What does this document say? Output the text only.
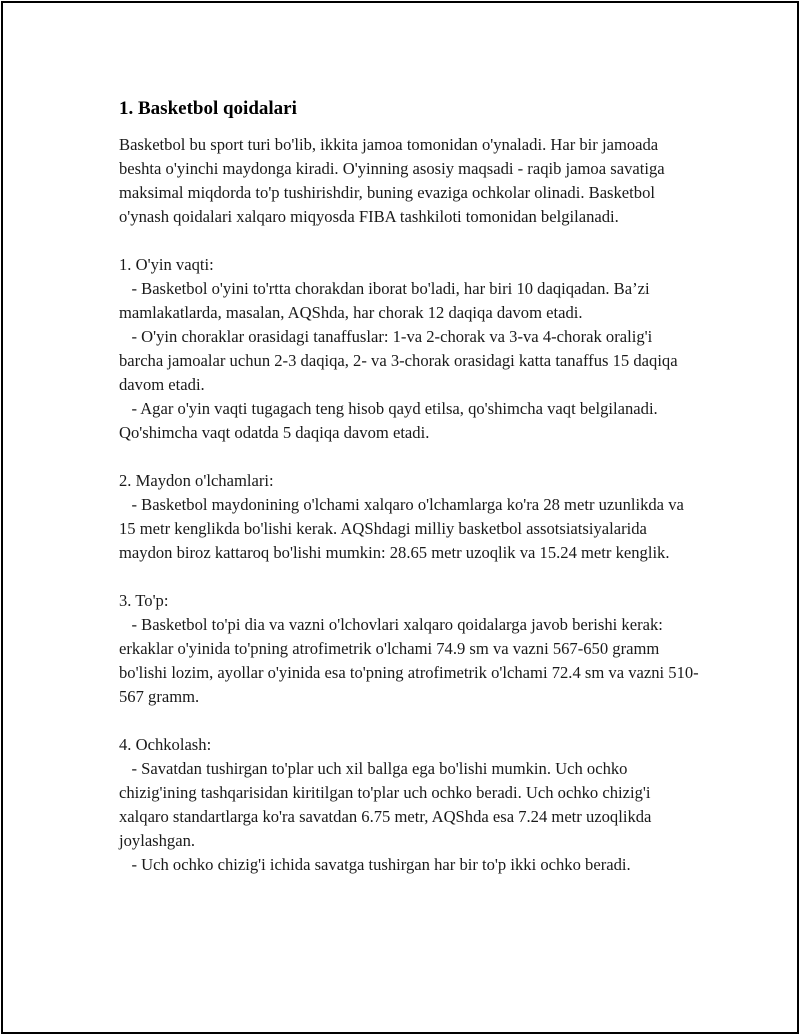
1. Basketbol qoidalari

Basketbol bu sport turi bo'lib, ikkita jamoa tomonidan o'ynaladi. Har bir jamoada beshta o'yinchi maydonga kiradi. O'yinning asosiy maqsadi - raqib jamoa savatiga maksimal miqdorda to'p tushirishdir, buning evaziga ochkolar olinadi. Basketbol o'ynash qoidalari xalqaro miqyosda FIBA tashkiloti tomonidan belgilanadi.

1. O'yin vaqti:

- Basketbol o'yini to'rtta chorakdan iborat bo'ladi, har biri 10 daqiqadan. Ba’zi mamlakatlarda, masalan, AQShda, har chorak 12 daqiqa davom etadi.

- O'yin choraklar orasidagi tanaffuslar: 1-va 2-chorak va 3-va 4-chorak oralig'i barcha jamoalar uchun 2-3 daqiqa, 2- va 3-chorak orasidagi katta tanaffus 15 daqiqa davom etadi.

- Agar o'yin vaqti tugagach teng hisob qayd etilsa, qo'shimcha vaqt belgilanadi. Qo'shimcha vaqt odatda 5 daqiqa davom etadi.

2. Maydon o'lchamlari:

- Basketbol maydonining o'lchami xalqaro o'lchamlarga ko'ra 28 metr uzunlikda va 15 metr kenglikda bo'lishi kerak. AQShdagi milliy basketbol assotsiatsiyalarida maydon biroz kattaroq bo'lishi mumkin: 28.65 metr uzoqlik va 15.24 metr kenglik.

3. To'p:

- Basketbol to'pi dia va vazni o'lchovlari xalqaro qoidalarga javob berishi kerak: erkaklar o'yinida to'pning atrofimetrik o'lchami 74.9 sm va vazni 567-650 gramm bo'lishi lozim, ayollar o'yinida esa to'pning atrofimetrik o'lchami 72.4 sm va vazni 510-567 gramm.

4. Ochkolash:

- Savatdan tushirgan to'plar uch xil ballga ega bo'lishi mumkin. Uch ochko chizig'ining tashqarisidan kiritilgan to'plar uch ochko beradi. Uch ochko chizig'i xalqaro standartlarga ko'ra savatdan 6.75 metr, AQShda esa 7.24 metr uzoqlikda joylashgan.

- Uch ochko chizig'i ichida savatga tushirgan har bir to'p ikki ochko beradi.
